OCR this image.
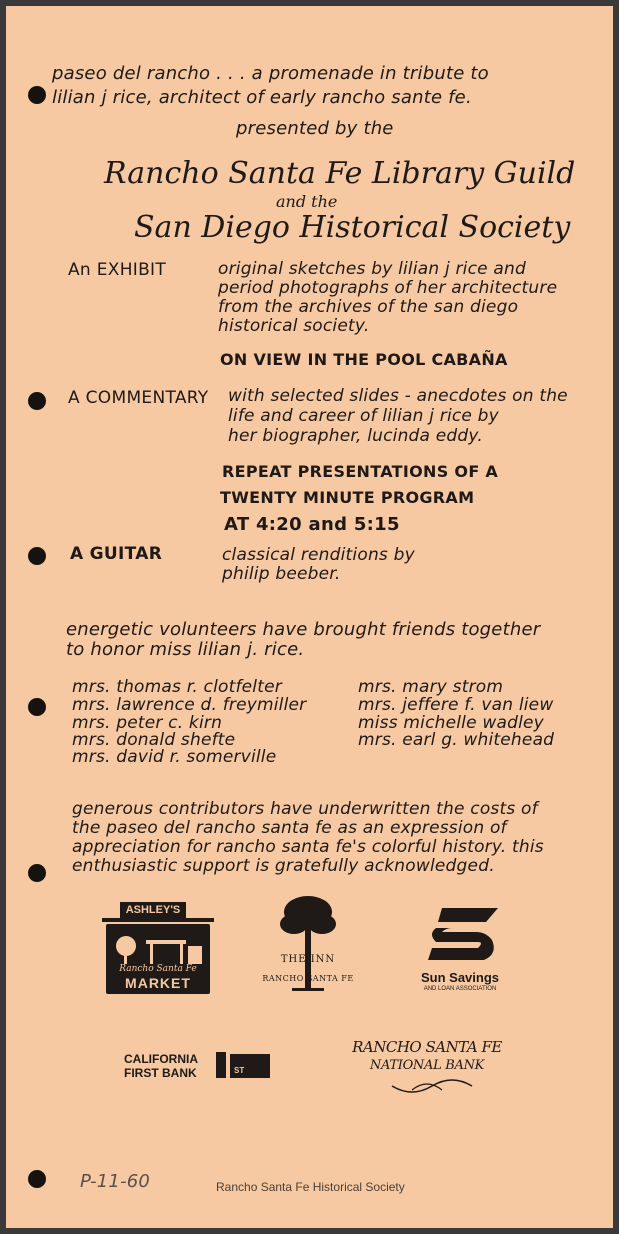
paseo del rancho . . . a promenade in tribute to
lilian j rice, architect of early rancho sante fe.
presented by the
Rancho Santa Fe Library Guild
and the
San Diego Historical Society
An EXHIBIT	original sketches by lilian j rice and
period photographs of her architecture
from the archives of the san diego
historical society.
ON VIEW IN THE POOL CABAÑA
A COMMENTARY with selected slides - anecdotes on the
life and career of lilian j rice by
her biographer, lucinda eddy.
REPEAT PRESENTATIONS OF A
TWENTY MINUTE PROGRAM
AT 4:20 and 5:15
A GUITAR	classical renditions by
philip beeber.
energetic volunteers have brought friends together
to honor miss lilian j. rice.
mrs. thomas r. clotfelter
mrs. lawrence d. freymiller
mrs. peter c. kirn
mrs. donald shefte
mrs. david r. somerville
mrs. mary strom
mrs. jeffere f. van liew
miss michelle wadley
mrs. earl g. whitehead
generous contributors have underwritten the costs of
the paseo del rancho santa fe as an expression of
appreciation for rancho santa fe's colorful history. this
enthusiastic support is gratefully acknowledged.
ASHLEY'S
Rancho Santa Fe
MARKET
THE INN
RANCHO SANTA FE	Sun Savings
AND LOAN ASSOCIATION
CALIFORNIA
FIRST BANK	ST
RANCHO SANTA FE
NATIONAL BANK
P-11-60	Rancho Santa Fe Historical Society
